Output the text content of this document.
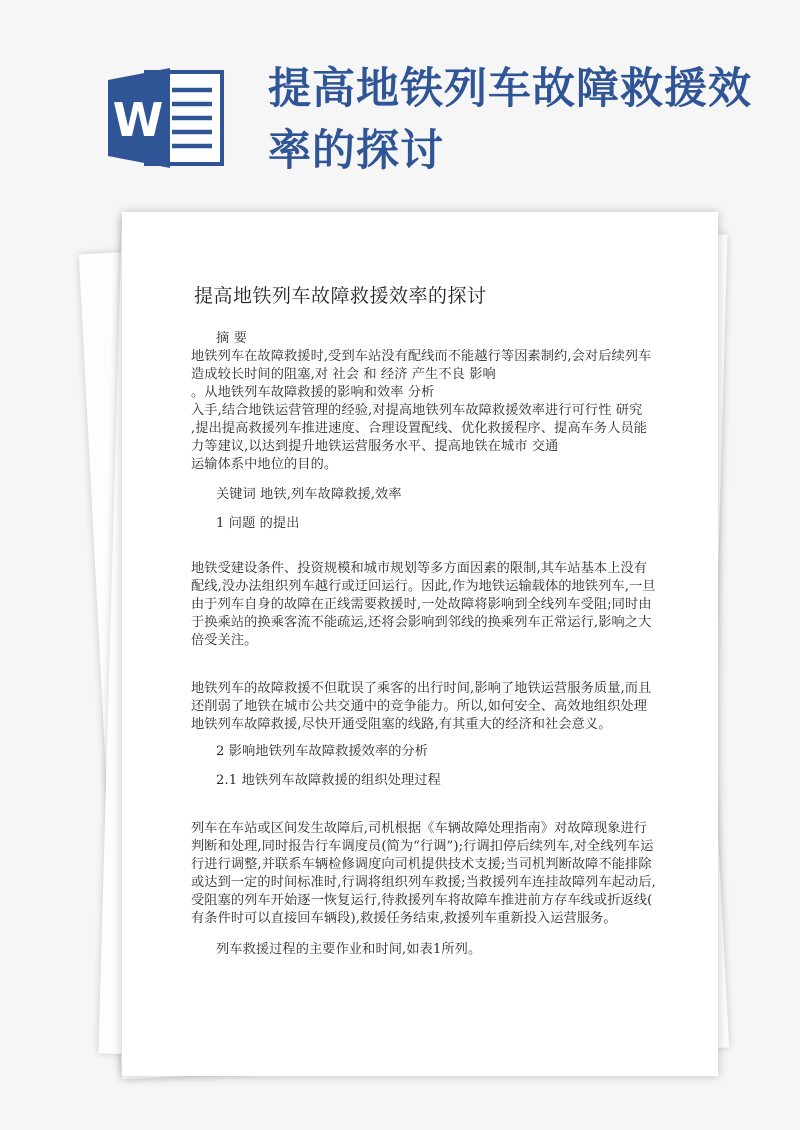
提高地铁列车故障救援效率的探讨
W
提高地铁列车故障救援效率的探讨
摘 要
地铁列车在故障救援时,受到车站没有配线而不能越行等因素制约,会对后续列车
造成较长时间的阻塞,对 社会 和 经济 产生不良 影响
。从地铁列车故障救援的影响和效率 分析
入手,结合地铁运营管理的经验,对提高地铁列车故障救援效率进行可行性 研究
,提出提高救援列车推进速度、合理设置配线、优化救援程序、提高车务人员能
力等建议,以达到提升地铁运营服务水平、提高地铁在城市 交通
运输体系中地位的目的。
关键词 地铁,列车故障救援,效率
1 问题 的提出
地铁受建设条件、投资规模和城市规划等多方面因素的限制,其车站基本上没有
配线,没办法组织列车越行或迂回运行。因此,作为地铁运输载体的地铁列车,一旦
由于列车自身的故障在正线需要救援时,一处故障将影响到全线列车受阻;同时由
于换乘站的换乘客流不能疏运,还将会影响到邻线的换乘列车正常运行,影响之大
倍受关注。
地铁列车的故障救援不但耽误了乘客的出行时间,影响了地铁运营服务质量,而且
还削弱了地铁在城市公共交通中的竞争能力。所以,如何安全、高效地组织处理
地铁列车故障救援,尽快开通受阻塞的线路,有其重大的经济和社会意义。
2 影响地铁列车故障救援效率的分析
2.1 地铁列车故障救援的组织处理过程
列车在车站或区间发生故障后,司机根据《车辆故障处理指南》对故障现象进行
判断和处理,同时报告行车调度员(简为“行调”);行调扣停后续列车,对全线列车运
行进行调整,并联系车辆检修调度向司机提供技术支援;当司机判断故障不能排除
或达到一定的时间标准时,行调将组织列车救援;当救援列车连挂故障列车起动后,
受阻塞的列车开始逐一恢复运行,待救援列车将故障车推进前方存车线或折返线(
有条件时可以直接回车辆段),救援任务结束,救援列车重新投入运营服务。
列车救援过程的主要作业和时间,如表1所列。
